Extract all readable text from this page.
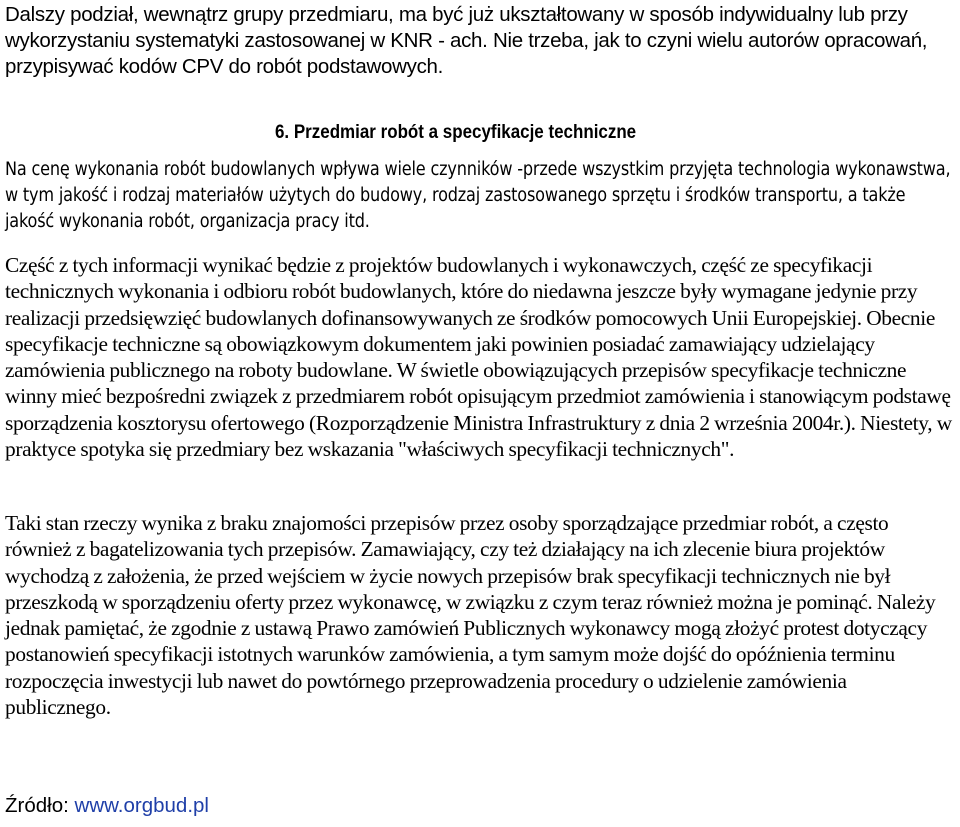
Dalszy podział, wewnątrz grupy przedmiaru, ma być już ukształtowany w sposób indywidualny lub przy wykorzystaniu systematyki zastosowanej w KNR - ach. Nie trzeba, jak to czyni wielu autorów opracowań, przypisywać kodów CPV do robót podstawowych.

6. Przedmiar robót a specyfikacje techniczne

Na cenę wykonania robót budowlanych wpływa wiele czynników -przede wszystkim przyjęta technologia wykonawstwa, w tym jakość i rodzaj materiałów użytych do budowy, rodzaj zastosowanego sprzętu i środków transportu, a także jakość wykonania robót, organizacja pracy itd.

Część z tych informacji wynikać będzie z projektów budowlanych i wykonawczych, część ze specyfikacji technicznych wykonania i odbioru robót budowlanych, które do niedawna jeszcze były wymagane jedynie przy realizacji przedsięwzięć budowlanych dofinansowywanych ze środków pomocowych Unii Europejskiej. Obecnie specyfikacje techniczne są obowiązkowym dokumentem jaki powinien posiadać zamawiający udzielający zamówienia publicznego na roboty budowlane. W świetle obowiązujących przepisów specyfikacje techniczne winny mieć bezpośredni związek z przedmiarem robót opisującym przedmiot zamówienia i stanowiącym podstawę sporządzenia kosztorysu ofertowego (Rozporządzenie Ministra Infrastruktury z dnia 2 września 2004r.). Niestety, w praktyce spotyka się przedmiary bez wskazania "właściwych specyfikacji technicznych".

Taki stan rzeczy wynika z braku znajomości przepisów przez osoby sporządzające przedmiar robót, a często również z bagatelizowania tych przepisów. Zamawiający, czy też działający na ich zlecenie biura projektów wychodzą z założenia, że przed wejściem w życie nowych przepisów brak specyfikacji technicznych nie był przeszkodą w sporządzeniu oferty przez wykonawcę, w związku z czym teraz również można je pominąć. Należy jednak pamiętać, że zgodnie z ustawą Prawo zamówień Publicznych wykonawcy mogą złożyć protest dotyczący postanowień specyfikacji istotnych warunków zamówienia, a tym samym może dojść do opóźnienia terminu rozpoczęcia inwestycji lub nawet do powtórnego przeprowadzenia procedury o udzielenie zamówienia publicznego.

Źródło: www.orgbud.pl
